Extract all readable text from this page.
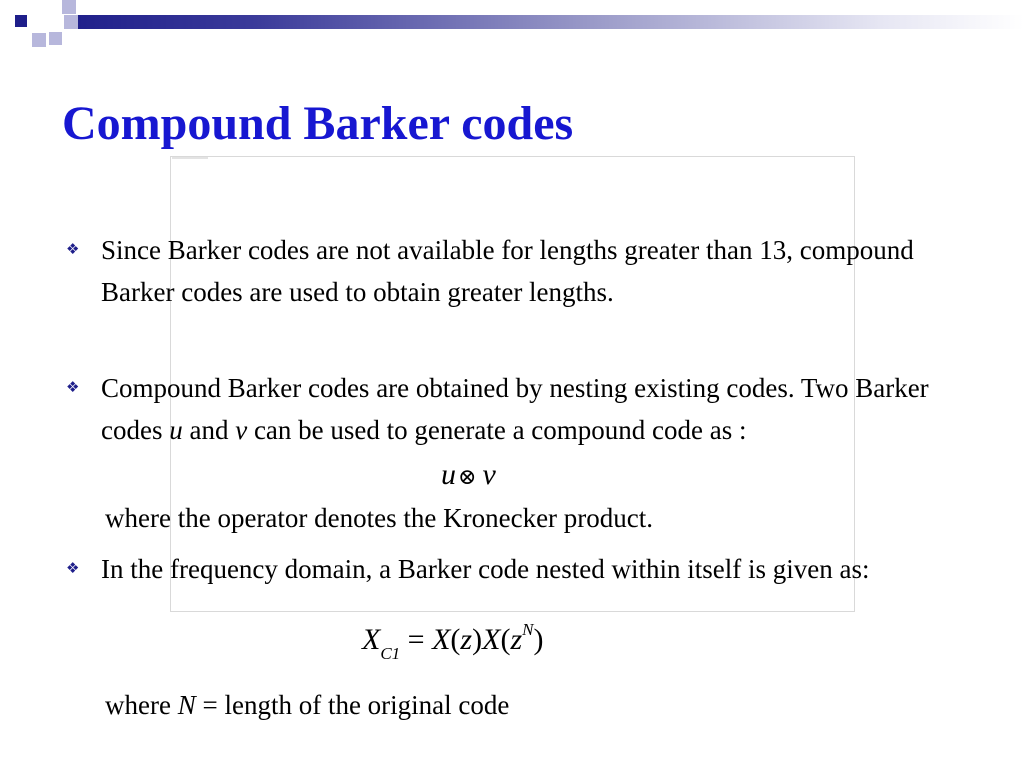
Compound Barker codes
❖ Since Barker codes are not available for lengths greater than 13, compound Barker codes are used to obtain greater lengths.
❖ Compound Barker codes are obtained by nesting existing codes. Two Barker codes u and v can be used to generate a compound code as :
u⊗ v
where the operator denotes the Kronecker product.
❖ In the frequency domain, a Barker code nested within itself is given as:
$X_{C1} = X(z)X(z^N)$
where N = length of the original code
